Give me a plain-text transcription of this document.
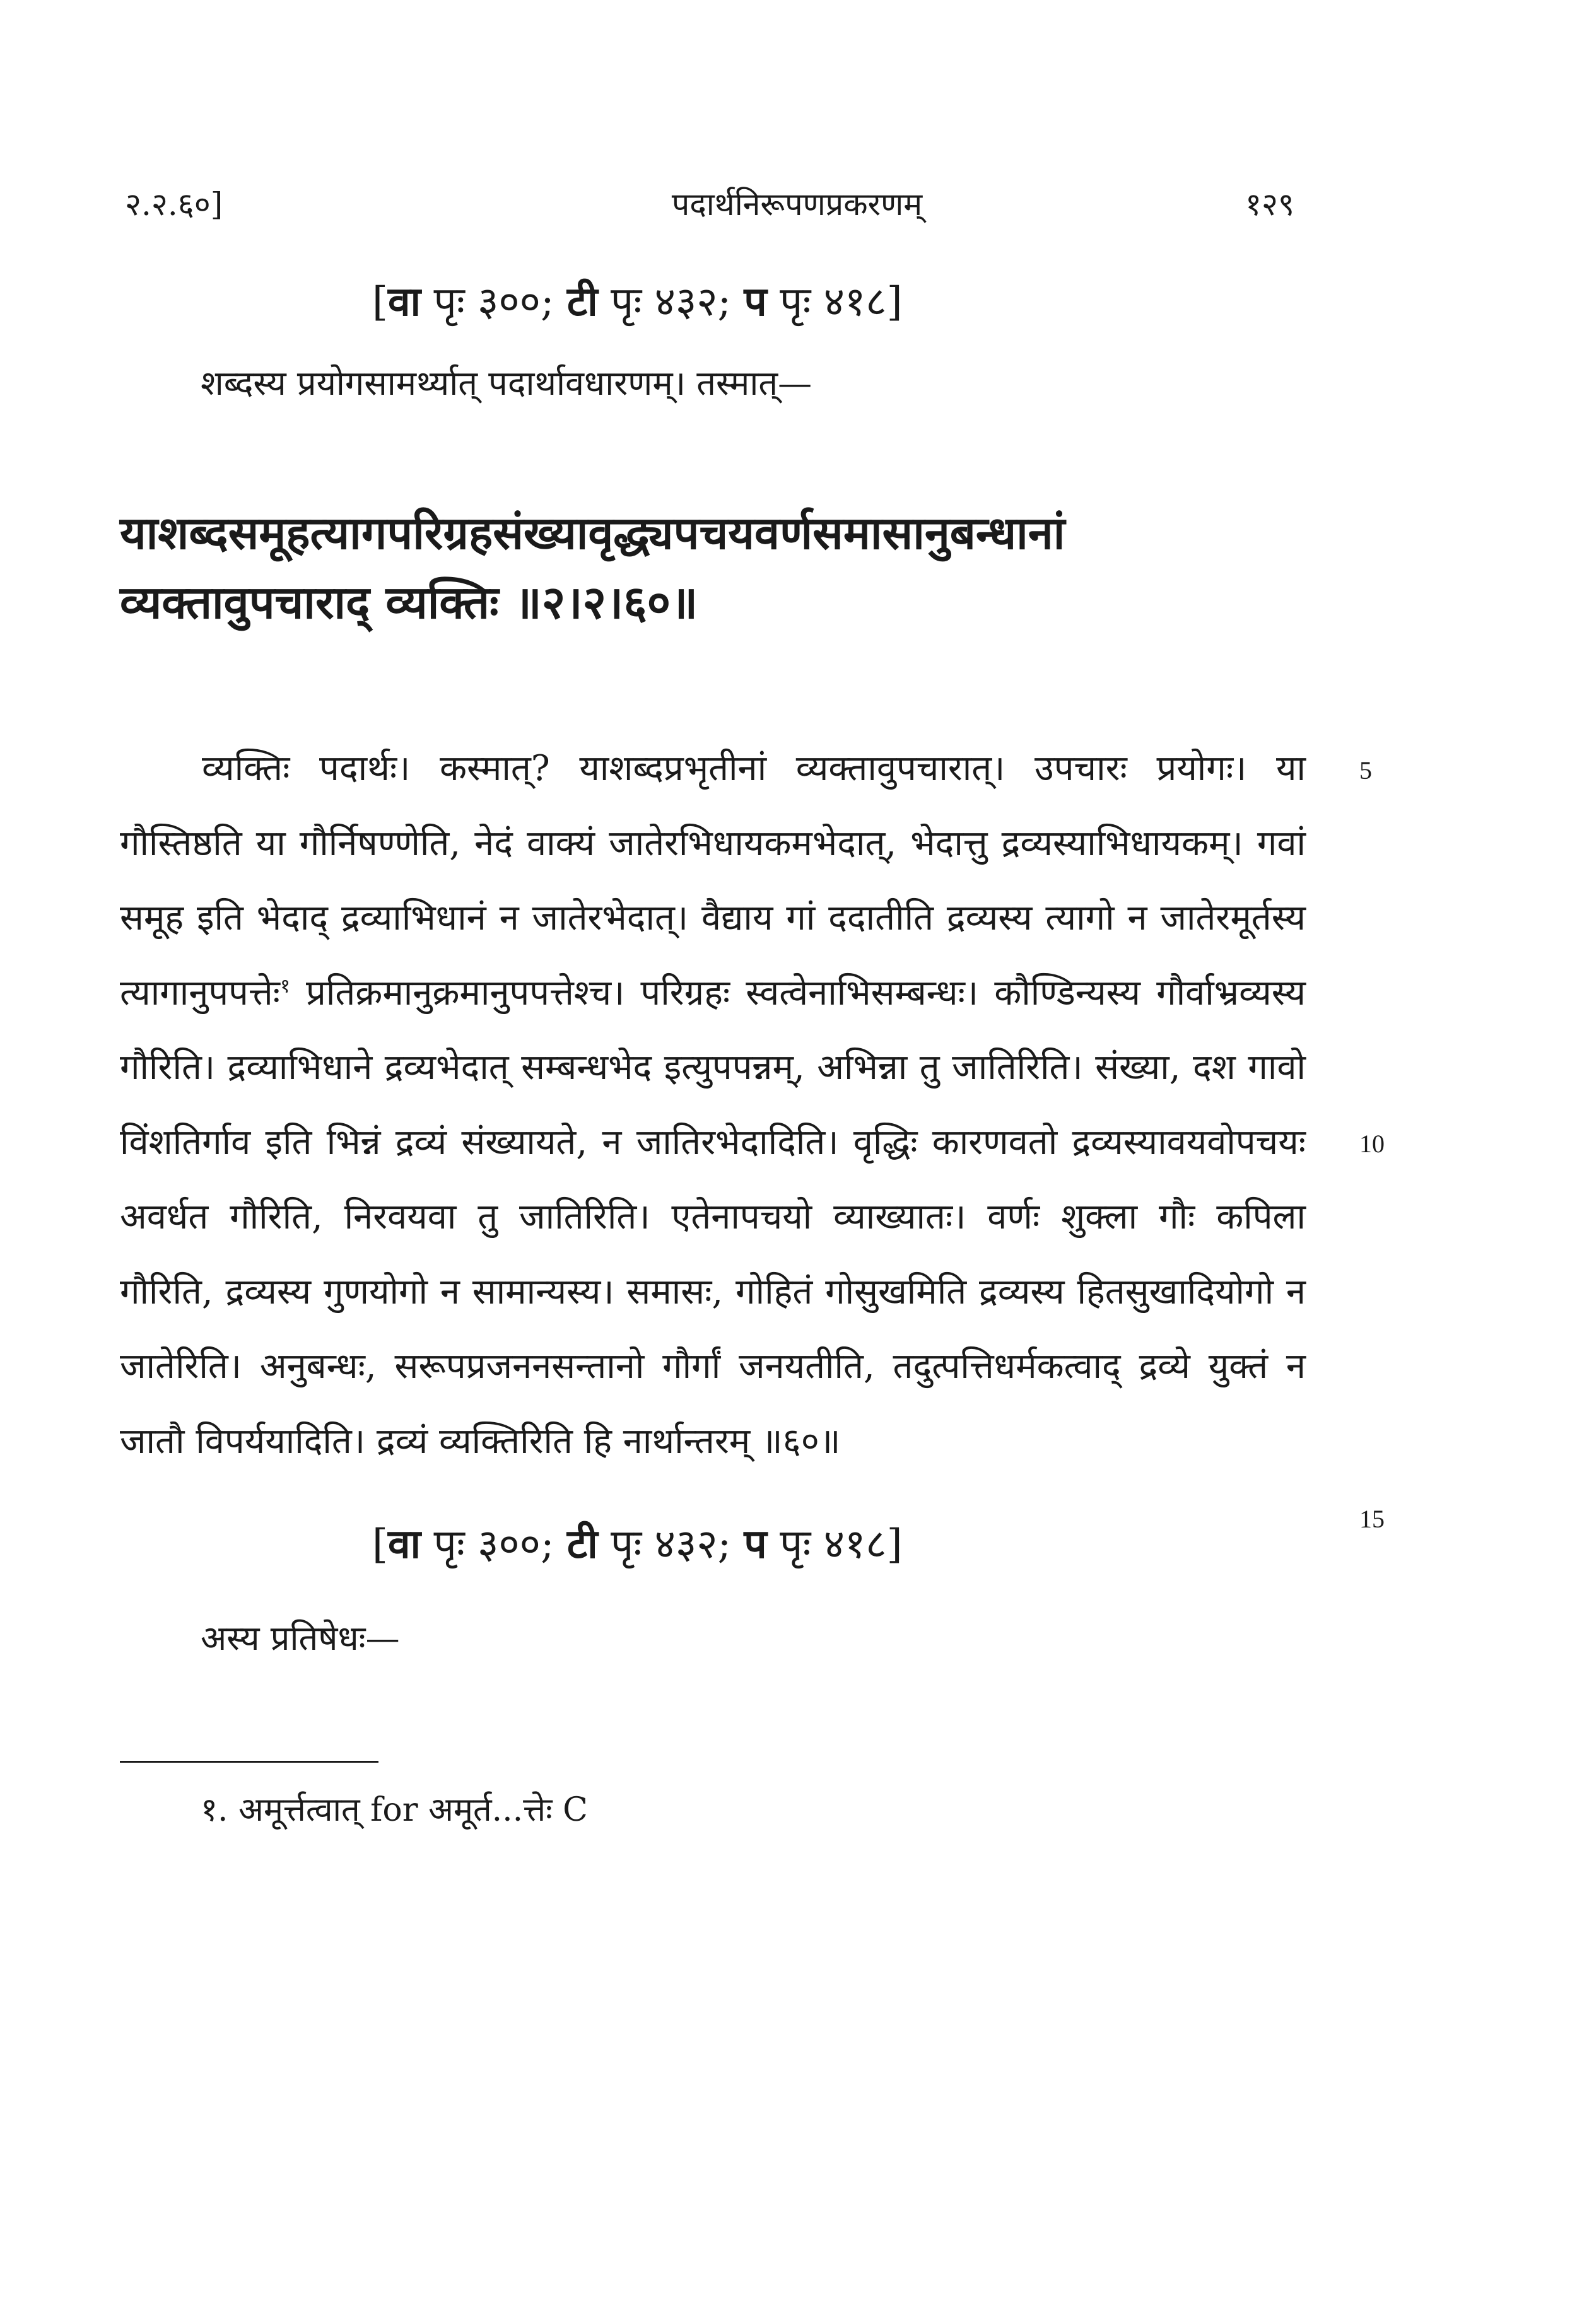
२.२.६०]	पदार्थनिरूपणप्रकरणम्	१२९
[वा पृः ३००; टी पृः ४३२; प पृः ४१८]
शब्दस्य प्रयोगसामर्थ्यात् पदार्थावधारणम्। तस्मात्—
याशब्दसमूहत्यागपरिग्रहसंख्यावृद्ध्यपचयवर्णसमासानुबन्धानां व्यक्तावुपचाराद् व्यक्तिः ॥२।२।६०॥
व्यक्तिः पदार्थः। कस्मात्? याशब्दप्रभृतीनां व्यक्तावुपचारात्। उपचारः प्रयोगः। या गौस्तिष्ठति या गौर्निषण्णेति, नेदं वाक्यं जातेरभिधायकमभेदात्, भेदात्तु द्रव्यस्याभिधायकम्। गवां समूह इति भेदाद् द्रव्याभिधानं न जातेरभेदात्। वैद्याय गां ददातीति द्रव्यस्य त्यागो न जातेरमूर्तस्य त्यागानुपपत्तेः$^१$ प्रतिक्रमानुक्रमानुपपत्तेश्च। परिग्रहः स्वत्वेनाभिसम्बन्धः। कौण्डिन्यस्य गौर्वाभ्रव्यस्य गौरिति। द्रव्याभिधाने द्रव्यभेदात् सम्बन्धभेद इत्युपपन्नम्, अभिन्ना तु जातिरिति। संख्या, दश गावो विंशतिर्गाव इति भिन्नं द्रव्यं संख्यायते, न जातिरभेदादिति। वृद्धिः कारणवतो द्रव्यस्यावयवोपचयः अवर्धत गौरिति, निरवयवा तु जातिरिति। एतेनापचयो व्याख्यातः। वर्णः शुक्ला गौः कपिला गौरिति, द्रव्यस्य गुणयोगो न सामान्यस्य। समासः, गोहितं गोसुखमिति द्रव्यस्य हितसुखादियोगो न जातेरिति। अनुबन्धः, सरूपप्रजननसन्तानो गौर्गां जनयतीति, तदुत्पत्तिधर्मकत्वाद् द्रव्ये युक्तं न जातौ विपर्ययादिति। द्रव्यं व्यक्तिरिति हि नार्थान्तरम् ॥६०॥
5
10
15
[वा पृः ३००; टी पृः ४३२; प पृः ४१८]
अस्य प्रतिषेधः—
१. अमूर्त्तत्वात् for अमूर्त...त्तेः C
